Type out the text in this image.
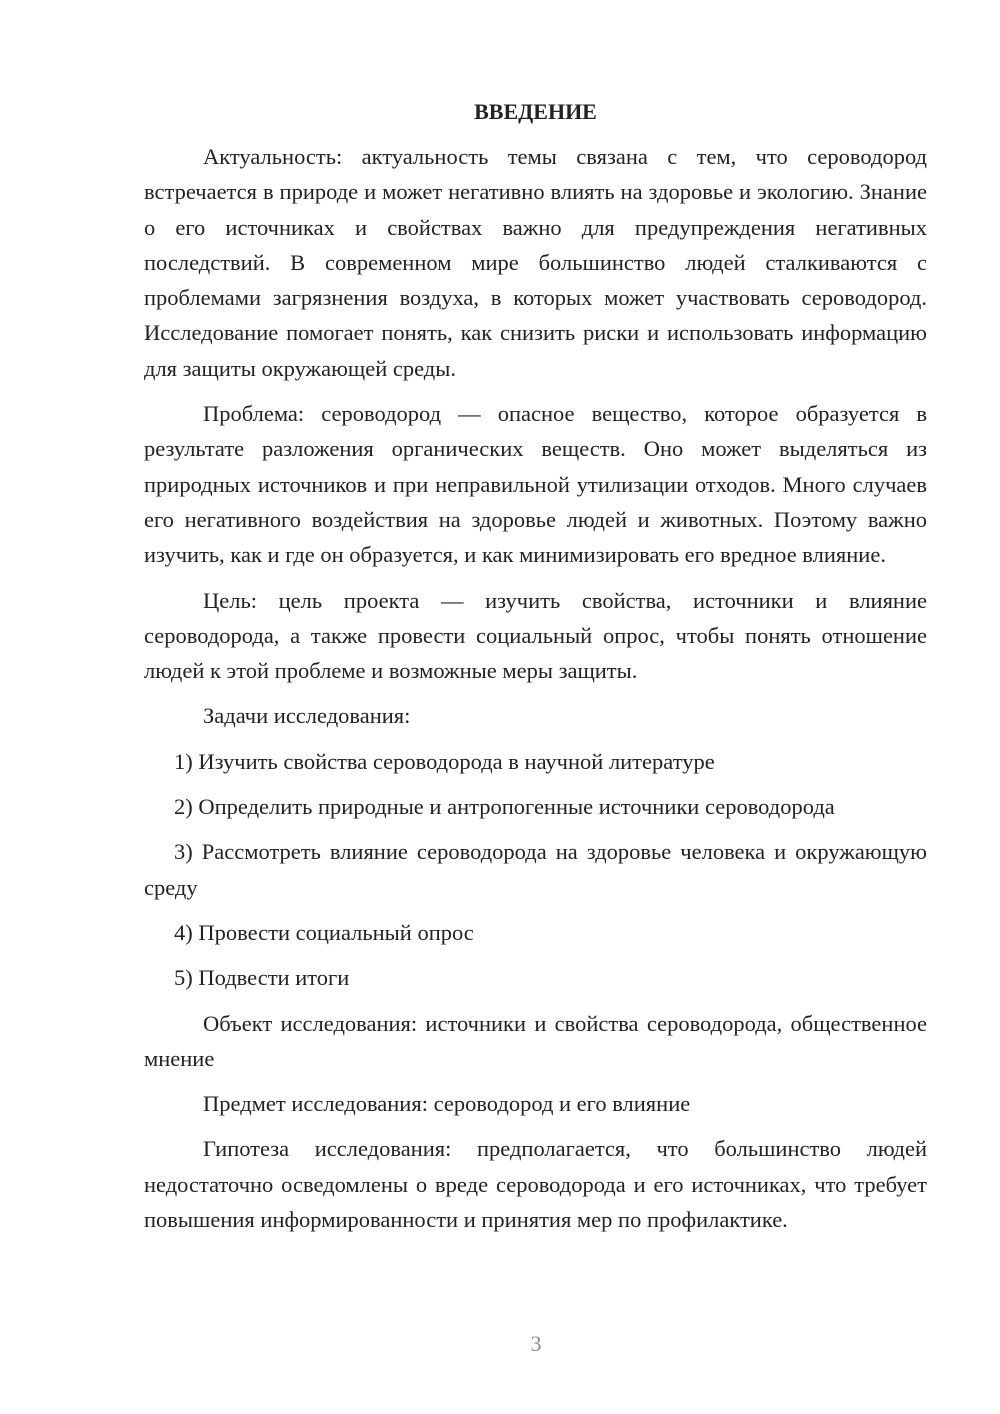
ВВЕДЕНИЕ

Актуальность: актуальность темы связана с тем, что сероводород встречается в природе и может негативно влиять на здоровье и экологию. Знание о его источниках и свойствах важно для предупреждения негативных последствий. В современном мире большинство людей сталкиваются с проблемами загрязнения воздуха, в которых может участвовать сероводород. Исследование помогает понять, как снизить риски и использовать информацию для защиты окружающей среды.

Проблема: сероводород — опасное вещество, которое образуется в результате разложения органических веществ. Оно может выделяться из природных источников и при неправильной утилизации отходов. Много случаев его негативного воздействия на здоровье людей и животных. Поэтому важно изучить, как и где он образуется, и как минимизировать его вредное влияние.

Цель: цель проекта — изучить свойства, источники и влияние сероводорода, а также провести социальный опрос, чтобы понять отношение людей к этой проблеме и возможные меры защиты.

Задачи исследования:

1) Изучить свойства сероводорода в научной литературе

2) Определить природные и антропогенные источники сероводорода

3) Рассмотреть влияние сероводорода на здоровье человека и окружающую среду

4) Провести социальный опрос

5) Подвести итоги

Объект исследования: источники и свойства сероводорода, общественное мнение

Предмет исследования: сероводород и его влияние

Гипотеза исследования: предполагается, что большинство людей недостаточно осведомлены о вреде сероводорода и его источниках, что требует повышения информированности и принятия мер по профилактике.

3
